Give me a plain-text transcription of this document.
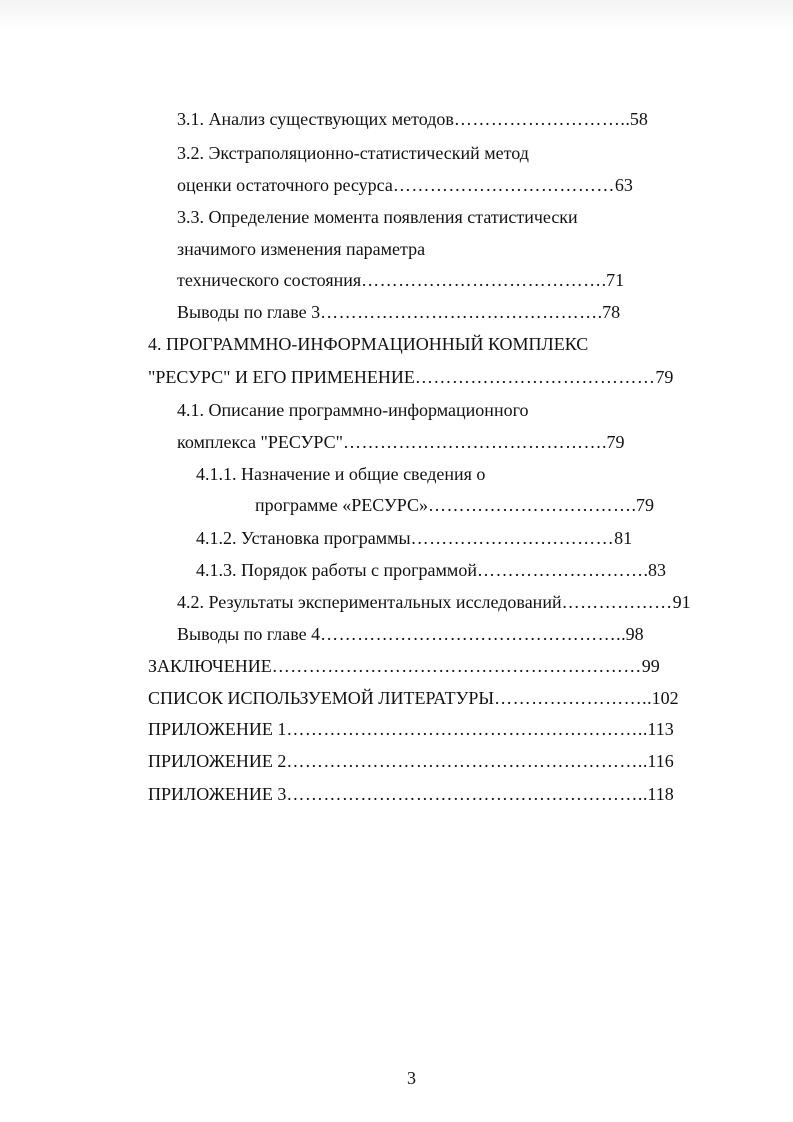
3.1. Анализ существующих методов………………………..58
3.2. Экстраполяционно-статистический метод
оценки остаточного ресурса………………………………63
3.3. Определение момента появления статистически
значимого изменения параметра
технического состояния………………………………….71
Выводы по главе 3……………………………………….78
4. ПРОГРАММНО-ИНФОРМАЦИОННЫЙ КОМПЛЕКС
"РЕСУРС" И ЕГО ПРИМЕНЕНИЕ…………………………………79
4.1. Описание программно-информационного
комплекса "РЕСУРС"…………………………………….79
4.1.1. Назначение и общие сведения о
программе «РЕСУРС»…………………………….79
4.1.2. Установка программы……………………………81
4.1.3. Порядок работы с программой……………………….83
4.2. Результаты экспериментальных исследований………………91
Выводы по главе 4…………………………………………..98
ЗАКЛЮЧЕНИЕ……………………………………………………99
СПИСОК ИСПОЛЬЗУЕМОЙ ЛИТЕРАТУРЫ……………………..102
ПРИЛОЖЕНИЕ 1…………………………………………………..113
ПРИЛОЖЕНИЕ 2…………………………………………………..116
ПРИЛОЖЕНИЕ 3…………………………………………………..118
3
